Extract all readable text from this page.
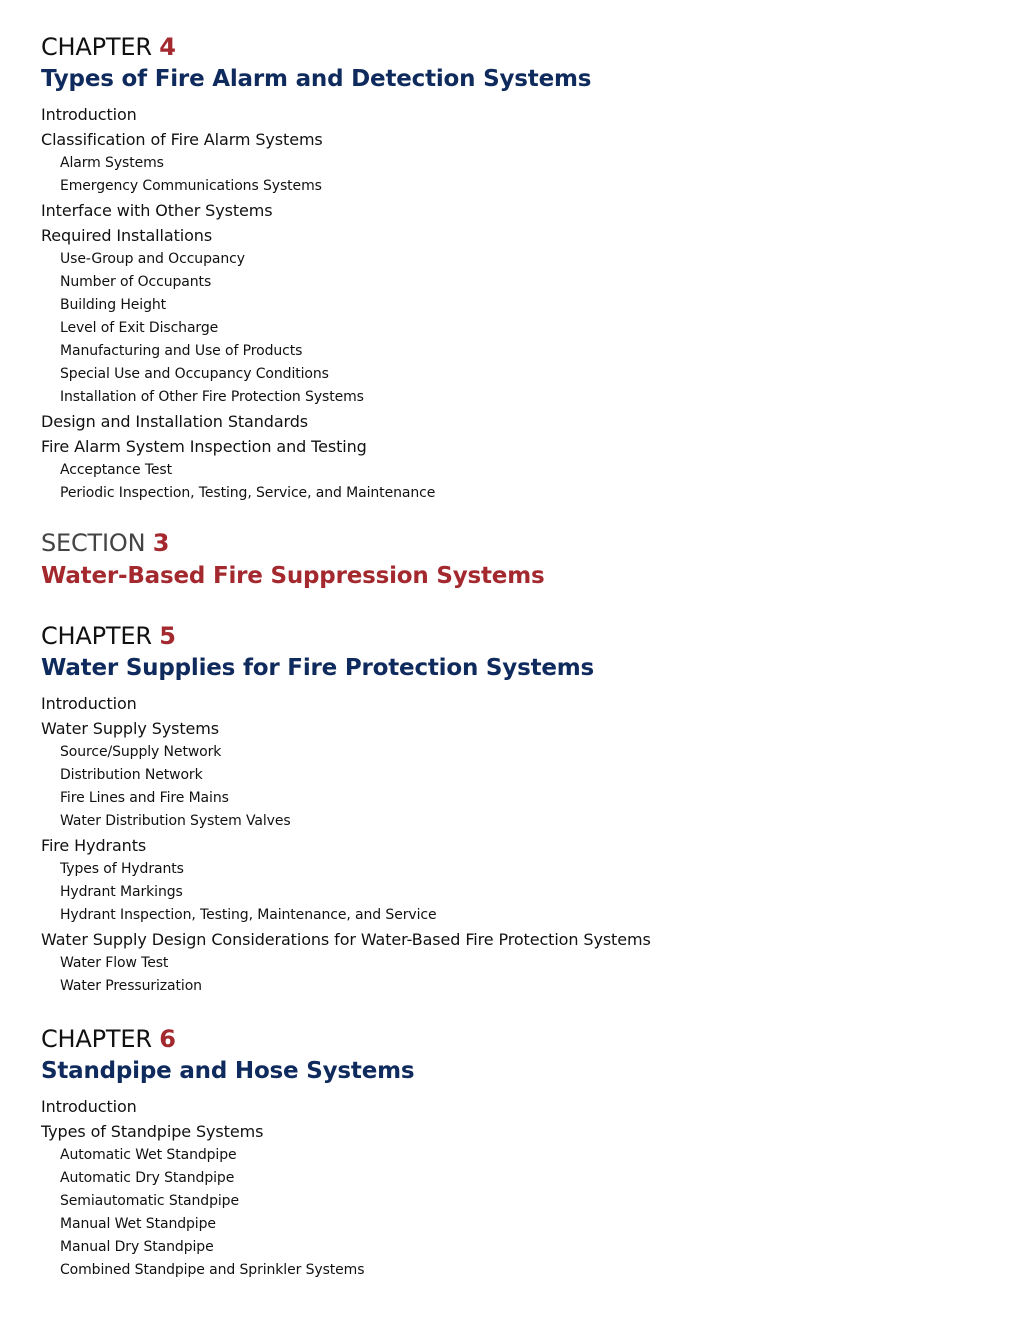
CHAPTER 4
Types of Fire Alarm and Detection Systems
Introduction
Classification of Fire Alarm Systems
Alarm Systems
Emergency Communications Systems
Interface with Other Systems
Required Installations
Use-Group and Occupancy
Number of Occupants
Building Height
Level of Exit Discharge
Manufacturing and Use of Products
Special Use and Occupancy Conditions
Installation of Other Fire Protection Systems
Design and Installation Standards
Fire Alarm System Inspection and Testing
Acceptance Test
Periodic Inspection, Testing, Service, and Maintenance
SECTION 3
Water-Based Fire Suppression Systems
CHAPTER 5
Water Supplies for Fire Protection Systems
Introduction
Water Supply Systems
Source/Supply Network
Distribution Network
Fire Lines and Fire Mains
Water Distribution System Valves
Fire Hydrants
Types of Hydrants
Hydrant Markings
Hydrant Inspection, Testing, Maintenance, and Service
Water Supply Design Considerations for Water-Based Fire Protection Systems
Water Flow Test
Water Pressurization
CHAPTER 6
Standpipe and Hose Systems
Introduction
Types of Standpipe Systems
Automatic Wet Standpipe
Automatic Dry Standpipe
Semiautomatic Standpipe
Manual Wet Standpipe
Manual Dry Standpipe
Combined Standpipe and Sprinkler Systems
